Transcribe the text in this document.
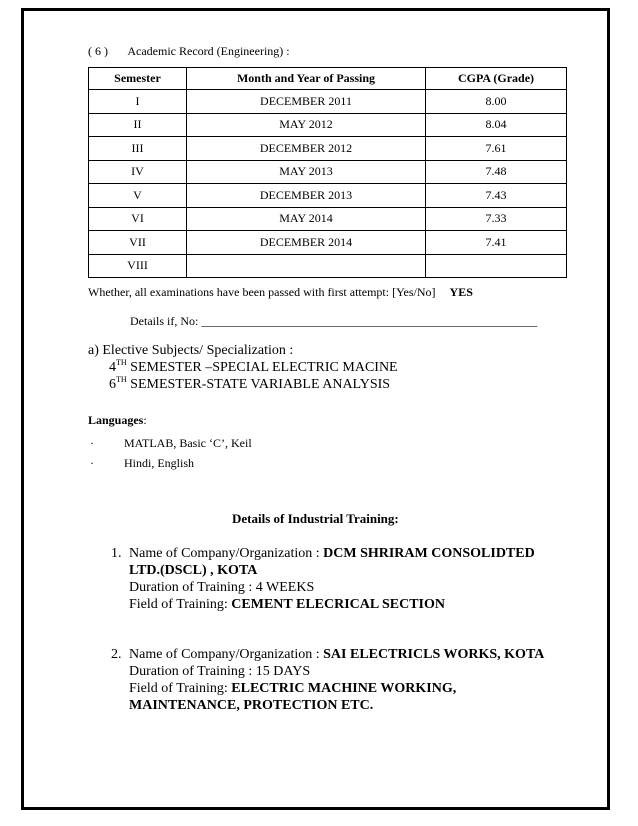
( 6 ) Academic Record (Engineering) :
Semester	Month and Year of Passing	CGPA (Grade)
I	DECEMBER 2011	8.00
II	MAY 2012	8.04
III	DECEMBER 2012	7.61
IV	MAY 2013	7.48
V	DECEMBER 2013	7.43
VI	MAY 2014	7.33
VII	DECEMBER 2014	7.41
VIII		
Whether, all examinations have been passed with first attempt: [Yes/No] YES
Details if, No: ________________________________________________________
a) Elective Subjects/ Specialization :
4TH SEMESTER –SPECIAL ELECTRIC MACINE
6TH SEMESTER-STATE VARIABLE ANALYSIS
Languages:
·	MATLAB, Basic ‘C’, Keil
·	Hindi, English
Details of Industrial Training:
1. Name of Company/Organization : DCM SHRIRAM CONSOLIDTED
LTD.(DSCL) , KOTA
Duration of Training : 4 WEEKS
Field of Training: CEMENT ELECRICAL SECTION
2. Name of Company/Organization : SAI ELECTRICLS WORKS, KOTA
Duration of Training : 15 DAYS
Field of Training: ELECTRIC MACHINE WORKING,
MAINTENANCE, PROTECTION ETC.
